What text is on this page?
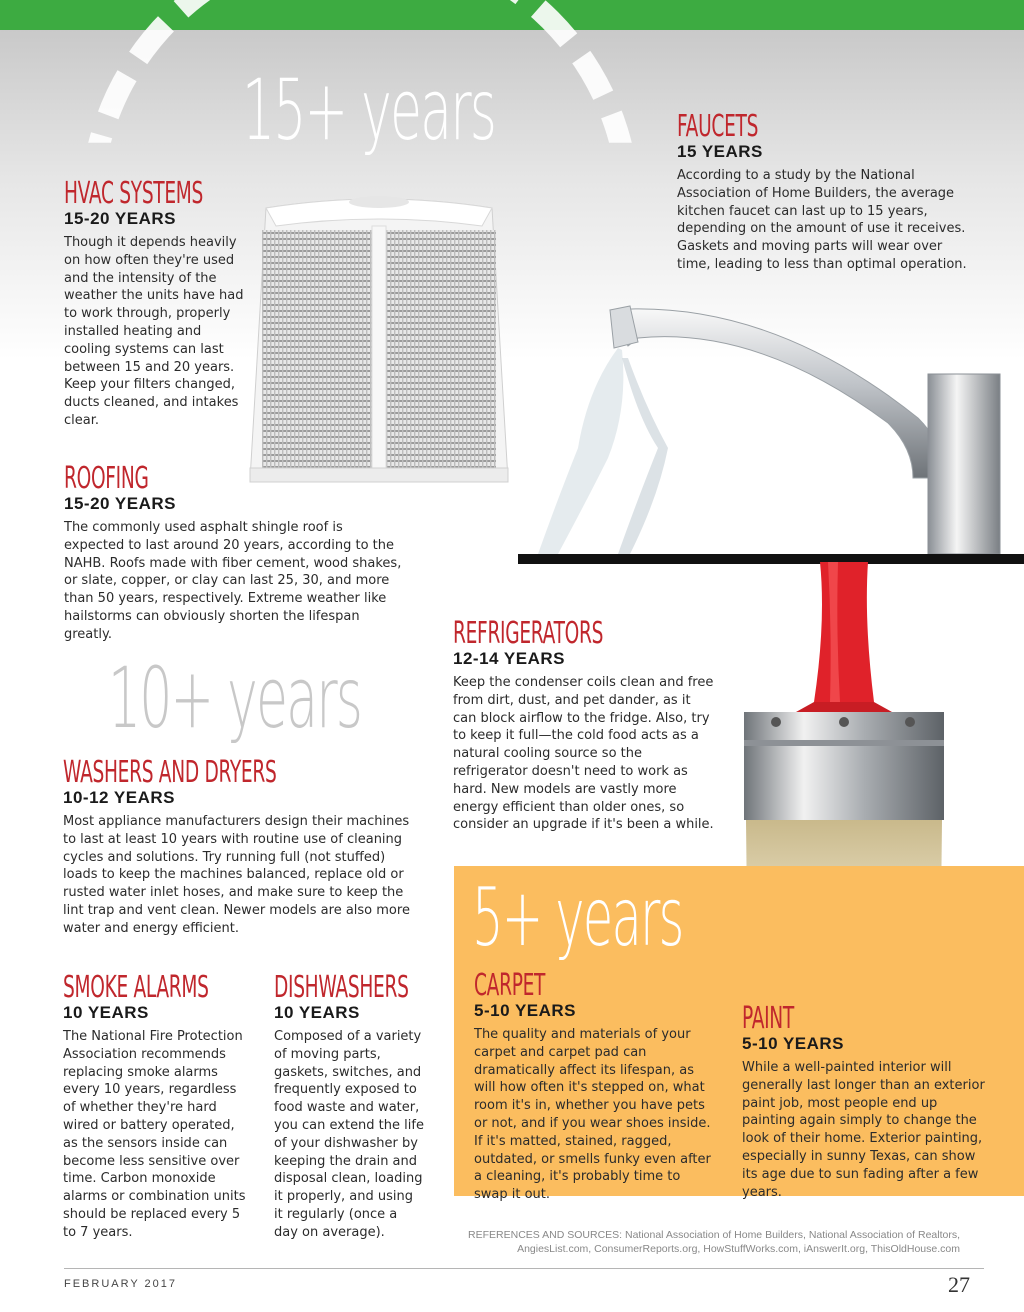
15+ years
10+ years
5+ years
HVAC SYSTEMS
15-20 YEARS

Though it depends heavily on how often they're used and the intensity of the weather the units have had to work through, properly installed heating and cooling systems can last between 15 and 20 years. Keep your filters changed, ducts cleaned, and intakes clear.

FAUCETS
15 YEARS

According to a study by the National Association of Home Builders, the average kitchen faucet can last up to 15 years, depending on the amount of use it receives. Gaskets and moving parts will wear over time, leading to less than optimal operation.

ROOFING
15-20 YEARS

The commonly used asphalt shingle roof is expected to last around 20 years, according to the NAHB. Roofs made with fiber cement, wood shakes, or slate, copper, or clay can last 25, 30, and more than 50 years, respectively. Extreme weather like hailstorms can obviously shorten the lifespan greatly.	REFRIGERATORS
12-14 YEARS

Keep the condenser coils clean and free from dirt, dust, and pet dander, as it can block airflow to the fridge. Also, try to keep it full—the cold food acts as a natural cooling source so the refrigerator doesn't need to work as hard. New models are vastly more energy efficient than older ones, so consider an upgrade if it's been a while.

WASHERS AND DRYERS
10-12 YEARS

Most appliance manufacturers design their machines to last at least 10 years with routine use of cleaning cycles and solutions. Try running full (not stuffed) loads to keep the machines balanced, replace old or rusted water inlet hoses, and make sure to keep the lint trap and vent clean. Newer models are also more water and energy efficient.

SMOKE ALARMS
10 YEARS

The National Fire Protection Association recommends replacing smoke alarms every 10 years, regardless of whether they're hard wired or battery operated, as the sensors inside can become less sensitive over time. Carbon monoxide alarms or combination units should be replaced every 5 to 7 years.

DISHWASHERS
10 YEARS

Composed of a variety of moving parts, gaskets, switches, and frequently exposed to food waste and water, you can extend the life of your dishwasher by keeping the drain and disposal clean, loading it properly, and using it regularly (once a day on average).

CARPET
5-10 YEARS

The quality and materials of your carpet and carpet pad can dramatically affect its lifespan, as will how often it's stepped on, what room it's in, whether you have pets or not, and if you wear shoes inside. If it's matted, stained, ragged, outdated, or smells funky even after a cleaning, it's probably time to swap it out.

PAINT
5-10 YEARS

While a well-painted interior will generally last longer than an exterior paint job, most people end up painting again simply to change the look of their home. Exterior painting, especially in sunny Texas, can show its age due to sun fading after a few years.

REFERENCES AND SOURCES: National Association of Home Builders, National Association of Realtors, AngiesList.com, ConsumerReports.org, HowStuffWorks.com, iAnswerIt.org, ThisOldHouse.com
FEBRUARY 2017	27
